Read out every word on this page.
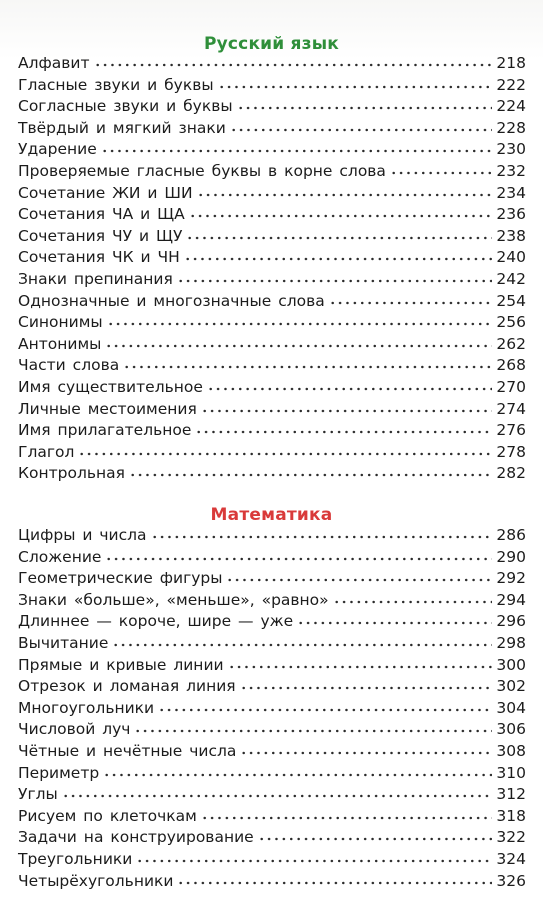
Русский язык
Алфавит	218
Гласные звуки и буквы	222
Согласные звуки и буквы	224
Твёрдый и мягкий знаки	228
Ударение	230
Проверяемые гласные буквы в корне слова	232
Сочетание ЖИ и ШИ	234
Сочетания ЧА и ЩА	236
Сочетания ЧУ и ЩУ	238
Сочетания ЧК и ЧН	240
Знаки препинания	242
Однозначные и многозначные слова	254
Синонимы	256
Антонимы	262
Части слова	268
Имя существительное	270
Личные местоимения	274
Имя прилагательное	276
Глагол	278
Контрольная	282
Математика
Цифры и числа	286
Сложение	290
Геометрические фигуры	292
Знаки «больше», «меньше», «равно»	294
Длиннее — короче, шире — уже	296
Вычитание	298
Прямые и кривые линии	300
Отрезок и ломаная линия	302
Многоугольники	304
Числовой луч	306
Чётные и нечётные числа	308
Периметр	310
Углы	312
Рисуем по клеточкам	318
Задачи на конструирование	322
Треугольники	324
Четырёхугольники	326
